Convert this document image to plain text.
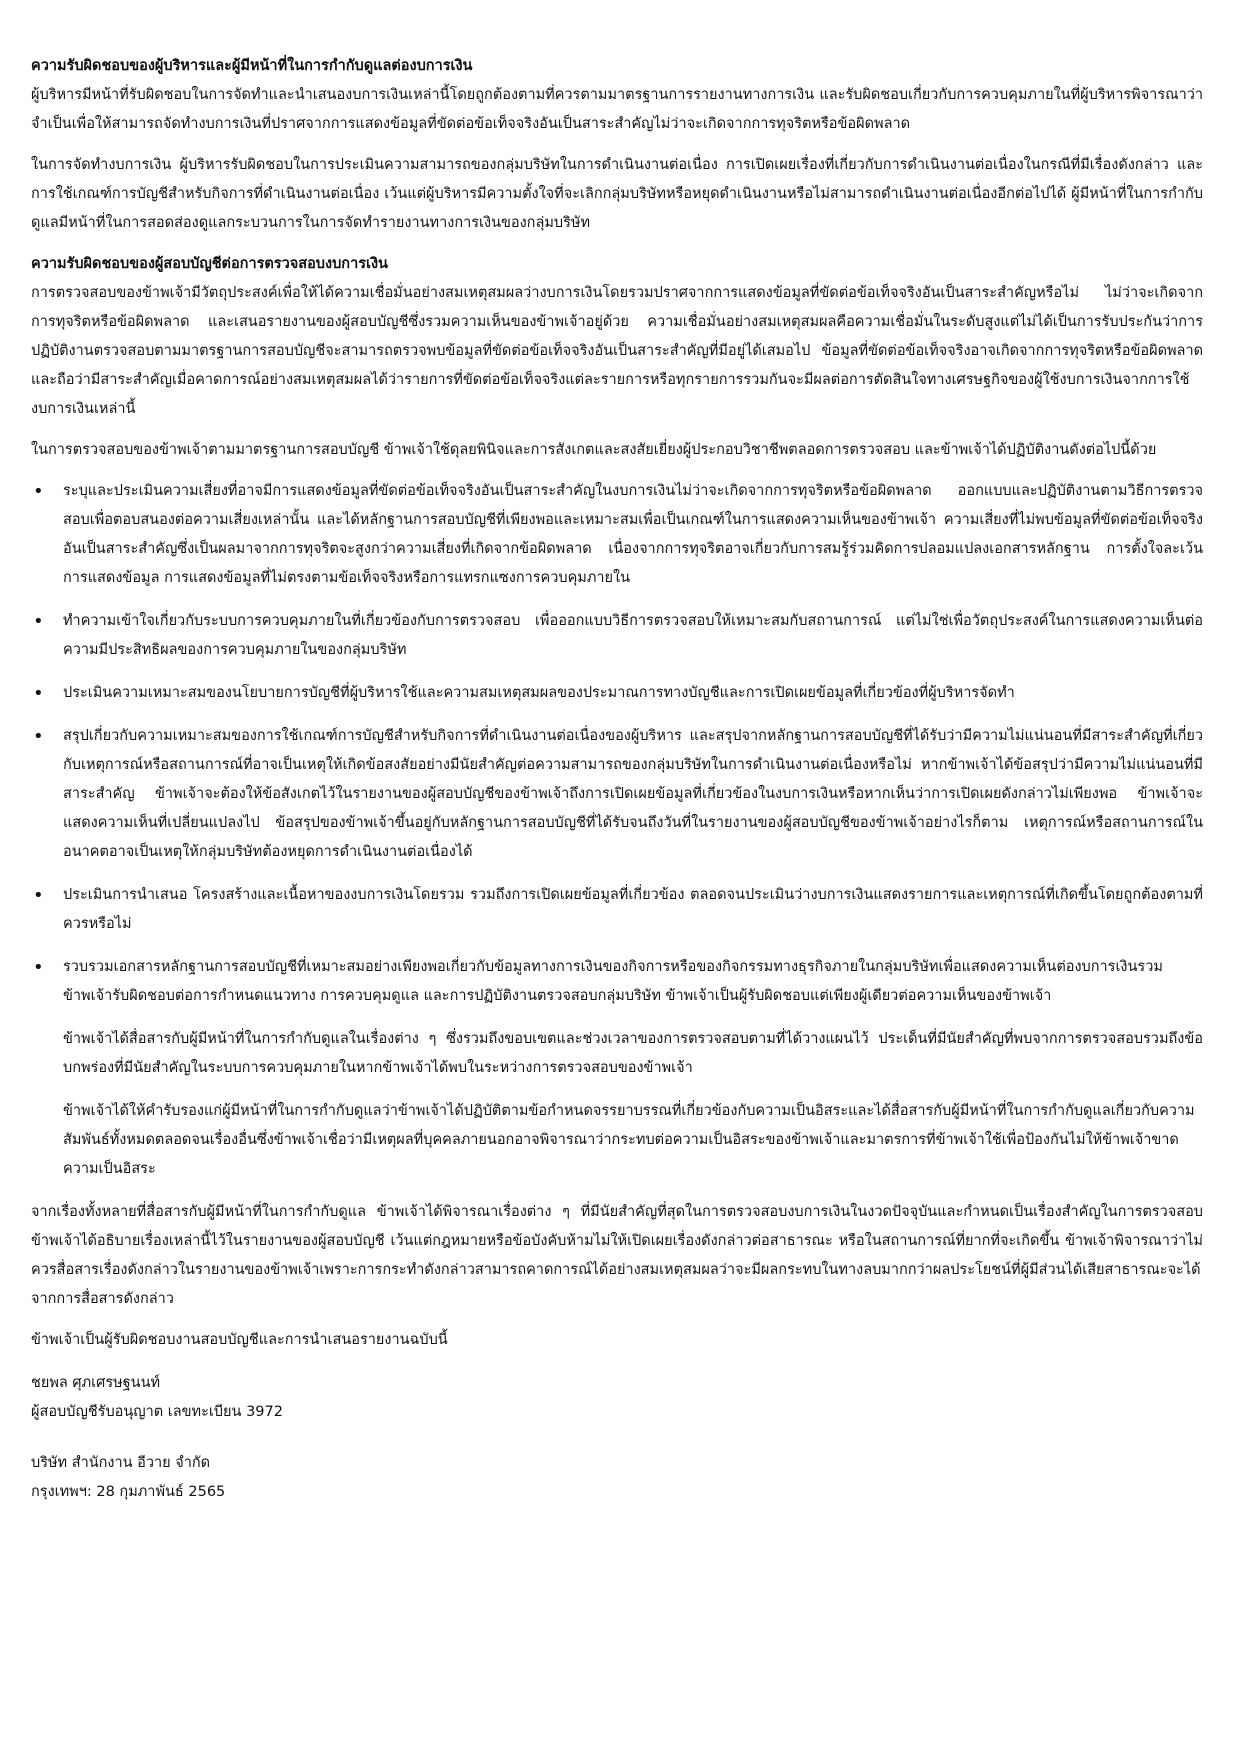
ความรับผิดชอบของผู้บริหารและผู้มีหน้าที่ในการกำกับดูแลต่องบการเงิน

ผู้บริหารมีหน้าที่รับผิดชอบในการจัดทำและนำเสนองบการเงินเหล่านี้โดยถูกต้องตามที่ควรตามมาตรฐานการรายงานทางการเงิน และรับผิดชอบเกี่ยวกับการควบคุมภายในที่ผู้บริหารพิจารณาว่าจำเป็นเพื่อให้สามารถจัดทำงบการเงินที่ปราศจากการแสดงข้อมูลที่ขัดต่อข้อเท็จจริงอันเป็นสาระสำคัญไม่ว่าจะเกิดจากการทุจริตหรือข้อผิดพลาด

ในการจัดทำงบการเงิน ผู้บริหารรับผิดชอบในการประเมินความสามารถของกลุ่มบริษัทในการดำเนินงานต่อเนื่อง การเปิดเผยเรื่องที่เกี่ยวกับการดำเนินงานต่อเนื่องในกรณีที่มีเรื่องดังกล่าว และการใช้เกณฑ์การบัญชีสำหรับกิจการที่ดำเนินงานต่อเนื่อง เว้นแต่ผู้บริหารมีความตั้งใจที่จะเลิกกลุ่มบริษัทหรือหยุดดำเนินงานหรือไม่สามารถดำเนินงานต่อเนื่องอีกต่อไปได้ ผู้มีหน้าที่ในการกำกับดูแลมีหน้าที่ในการสอดส่องดูแลกระบวนการในการจัดทำรายงานทางการเงินของกลุ่มบริษัท

ความรับผิดชอบของผู้สอบบัญชีต่อการตรวจสอบงบการเงิน

การตรวจสอบของข้าพเจ้ามีวัตถุประสงค์เพื่อให้ได้ความเชื่อมั่นอย่างสมเหตุสมผลว่างบการเงินโดยรวมปราศจากการแสดงข้อมูลที่ขัดต่อข้อเท็จจริงอันเป็นสาระสำคัญหรือไม่ ไม่ว่าจะเกิดจากการทุจริตหรือข้อผิดพลาด และเสนอรายงานของผู้สอบบัญชีซึ่งรวมความเห็นของข้าพเจ้าอยู่ด้วย ความเชื่อมั่นอย่างสมเหตุสมผลคือความเชื่อมั่นในระดับสูงแต่ไม่ได้เป็นการรับประกันว่าการปฏิบัติงานตรวจสอบตามมาตรฐานการสอบบัญชีจะสามารถตรวจพบข้อมูลที่ขัดต่อข้อเท็จจริงอันเป็นสาระสำคัญที่มีอยู่ได้เสมอไป ข้อมูลที่ขัดต่อข้อเท็จจริงอาจเกิดจากการทุจริตหรือข้อผิดพลาดและถือว่ามีสาระสำคัญเมื่อคาดการณ์อย่างสมเหตุสมผลได้ว่ารายการที่ขัดต่อข้อเท็จจริงแต่ละรายการหรือทุกรายการรวมกันจะมีผลต่อการตัดสินใจทางเศรษฐกิจของผู้ใช้งบการเงินจากการใช้งบการเงินเหล่านี้

ในการตรวจสอบของข้าพเจ้าตามมาตรฐานการสอบบัญชี ข้าพเจ้าใช้ดุลยพินิจและการสังเกตและสงสัยเยี่ยงผู้ประกอบวิชาชีพตลอดการตรวจสอบ และข้าพเจ้าได้ปฏิบัติงานดังต่อไปนี้ด้วย

• ระบุและประเมินความเสี่ยงที่อาจมีการแสดงข้อมูลที่ขัดต่อข้อเท็จจริงอันเป็นสาระสำคัญในงบการเงินไม่ว่าจะเกิดจากการทุจริตหรือข้อผิดพลาด ออกแบบและปฏิบัติงานตามวิธีการตรวจสอบเพื่อตอบสนองต่อความเสี่ยงเหล่านั้น และได้หลักฐานการสอบบัญชีที่เพียงพอและเหมาะสมเพื่อเป็นเกณฑ์ในการแสดงความเห็นของข้าพเจ้า ความเสี่ยงที่ไม่พบข้อมูลที่ขัดต่อข้อเท็จจริงอันเป็นสาระสำคัญซึ่งเป็นผลมาจากการทุจริตจะสูงกว่าความเสี่ยงที่เกิดจากข้อผิดพลาด เนื่องจากการทุจริตอาจเกี่ยวกับการสมรู้ร่วมคิดการปลอมแปลงเอกสารหลักฐาน การตั้งใจละเว้นการแสดงข้อมูล การแสดงข้อมูลที่ไม่ตรงตามข้อเท็จจริงหรือการแทรกแซงการควบคุมภายใน
• ทำความเข้าใจเกี่ยวกับระบบการควบคุมภายในที่เกี่ยวข้องกับการตรวจสอบ เพื่อออกแบบวิธีการตรวจสอบให้เหมาะสมกับสถานการณ์ แต่ไม่ใช่เพื่อวัตถุประสงค์ในการแสดงความเห็นต่อความมีประสิทธิผลของการควบคุมภายในของกลุ่มบริษัท
• ประเมินความเหมาะสมของนโยบายการบัญชีที่ผู้บริหารใช้และความสมเหตุสมผลของประมาณการทางบัญชีและการเปิดเผยข้อมูลที่เกี่ยวข้องที่ผู้บริหารจัดทำ
• สรุปเกี่ยวกับความเหมาะสมของการใช้เกณฑ์การบัญชีสำหรับกิจการที่ดำเนินงานต่อเนื่องของผู้บริหาร และสรุปจากหลักฐานการสอบบัญชีที่ได้รับว่ามีความไม่แน่นอนที่มีสาระสำคัญที่เกี่ยวกับเหตุการณ์หรือสถานการณ์ที่อาจเป็นเหตุให้เกิดข้อสงสัยอย่างมีนัยสำคัญต่อความสามารถของกลุ่มบริษัทในการดำเนินงานต่อเนื่องหรือไม่ หากข้าพเจ้าได้ข้อสรุปว่ามีความไม่แน่นอนที่มีสาระสำคัญ ข้าพเจ้าจะต้องให้ข้อสังเกตไว้ในรายงานของผู้สอบบัญชีของข้าพเจ้าถึงการเปิดเผยข้อมูลที่เกี่ยวข้องในงบการเงินหรือหากเห็นว่าการเปิดเผยดังกล่าวไม่เพียงพอ ข้าพเจ้าจะแสดงความเห็นที่เปลี่ยนแปลงไป ข้อสรุปของข้าพเจ้าขึ้นอยู่กับหลักฐานการสอบบัญชีที่ได้รับจนถึงวันที่ในรายงานของผู้สอบบัญชีของข้าพเจ้าอย่างไรก็ตาม เหตุการณ์หรือสถานการณ์ในอนาคตอาจเป็นเหตุให้กลุ่มบริษัทต้องหยุดการดำเนินงานต่อเนื่องได้
• ประเมินการนำเสนอ โครงสร้างและเนื้อหาของงบการเงินโดยรวม รวมถึงการเปิดเผยข้อมูลที่เกี่ยวข้อง ตลอดจนประเมินว่างบการเงินแสดงรายการและเหตุการณ์ที่เกิดขึ้นโดยถูกต้องตามที่ควรหรือไม่
• รวบรวมเอกสารหลักฐานการสอบบัญชีที่เหมาะสมอย่างเพียงพอเกี่ยวกับข้อมูลทางการเงินของกิจการหรือของกิจกรรมทางธุรกิจภายในกลุ่มบริษัทเพื่อแสดงความเห็นต่องบการเงินรวม ข้าพเจ้ารับผิดชอบต่อการกำหนดแนวทาง การควบคุมดูแล และการปฏิบัติงานตรวจสอบกลุ่มบริษัท ข้าพเจ้าเป็นผู้รับผิดชอบแต่เพียงผู้เดียวต่อความเห็นของข้าพเจ้า
ข้าพเจ้าได้สื่อสารกับผู้มีหน้าที่ในการกำกับดูแลในเรื่องต่าง ๆ ซึ่งรวมถึงขอบเขตและช่วงเวลาของการตรวจสอบตามที่ได้วางแผนไว้ ประเด็นที่มีนัยสำคัญที่พบจากการตรวจสอบรวมถึงข้อบกพร่องที่มีนัยสำคัญในระบบการควบคุมภายในหากข้าพเจ้าได้พบในระหว่างการตรวจสอบของข้าพเจ้า
ข้าพเจ้าได้ให้คำรับรองแก่ผู้มีหน้าที่ในการกำกับดูแลว่าข้าพเจ้าได้ปฏิบัติตามข้อกำหนดจรรยาบรรณที่เกี่ยวข้องกับความเป็นอิสระและได้สื่อสารกับผู้มีหน้าที่ในการกำกับดูแลเกี่ยวกับความสัมพันธ์ทั้งหมดตลอดจนเรื่องอื่นซึ่งข้าพเจ้าเชื่อว่ามีเหตุผลที่บุคคลภายนอกอาจพิจารณาว่ากระทบต่อความเป็นอิสระของข้าพเจ้าและมาตรการที่ข้าพเจ้าใช้เพื่อป้องกันไม่ให้ข้าพเจ้าขาดความเป็นอิสระ

จากเรื่องทั้งหลายที่สื่อสารกับผู้มีหน้าที่ในการกำกับดูแล ข้าพเจ้าได้พิจารณาเรื่องต่าง ๆ ที่มีนัยสำคัญที่สุดในการตรวจสอบงบการเงินในงวดปัจจุบันและกำหนดเป็นเรื่องสำคัญในการตรวจสอบ ข้าพเจ้าได้อธิบายเรื่องเหล่านี้ไว้ในรายงานของผู้สอบบัญชี เว้นแต่กฎหมายหรือข้อบังคับห้ามไม่ให้เปิดเผยเรื่องดังกล่าวต่อสาธารณะ หรือในสถานการณ์ที่ยากที่จะเกิดขึ้น ข้าพเจ้าพิจารณาว่าไม่ควรสื่อสารเรื่องดังกล่าวในรายงานของข้าพเจ้าเพราะการกระทำดังกล่าวสามารถคาดการณ์ได้อย่างสมเหตุสมผลว่าจะมีผลกระทบในทางลบมากกว่าผลประโยชน์ที่ผู้มีส่วนได้เสียสาธารณะจะได้จากการสื่อสารดังกล่าว

ข้าพเจ้าเป็นผู้รับผิดชอบงานสอบบัญชีและการนำเสนอรายงานฉบับนี้

ชยพล ศุภเศรษฐนนท์
ผู้สอบบัญชีรับอนุญาต เลขทะเบียน 3972
บริษัท สำนักงาน อีวาย จำกัด
กรุงเทพฯ: 28 กุมภาพันธ์ 2565
